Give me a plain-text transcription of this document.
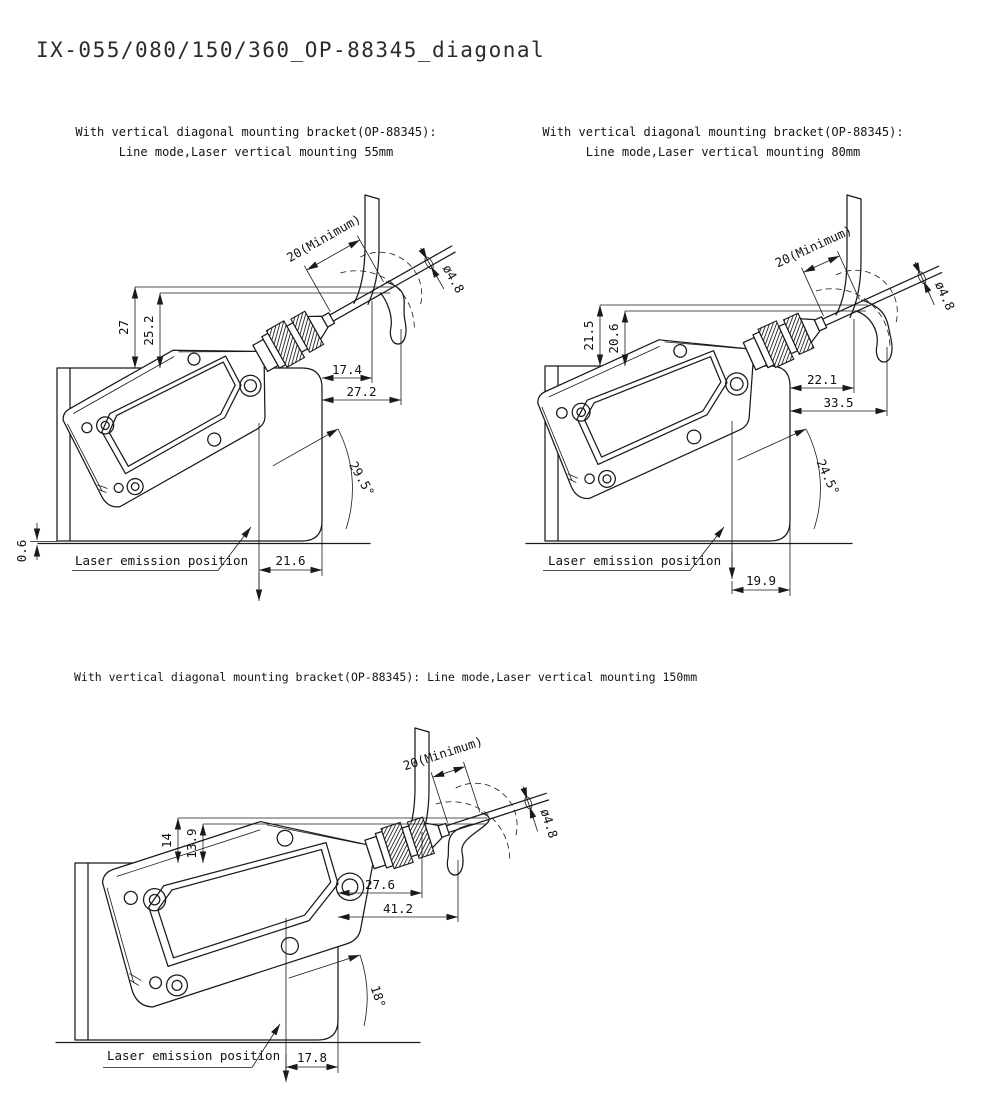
IX-055/080/150/360_OP-88345_diagonal
With vertical diagonal mounting bracket(OP-88345):
Line mode,Laser vertical mounting 55mm
With vertical diagonal mounting bracket(OP-88345):
Line mode,Laser vertical mounting 80mm
With vertical diagonal mounting bracket(OP-88345): Line mode,Laser vertical mounting 150mm
0.6
27 25.2
17.4
27.2
20(Minimum)
ø4.8
29.5°
21.6
Laser emission position
21.5 20.6
22.1
33.5
20(Minimum)
ø4.8
24.5°
19.9
Laser emission position
14 13.9
27.6
41.2
20(Minimum)
ø4.8
18°
17.8
Laser emission position
